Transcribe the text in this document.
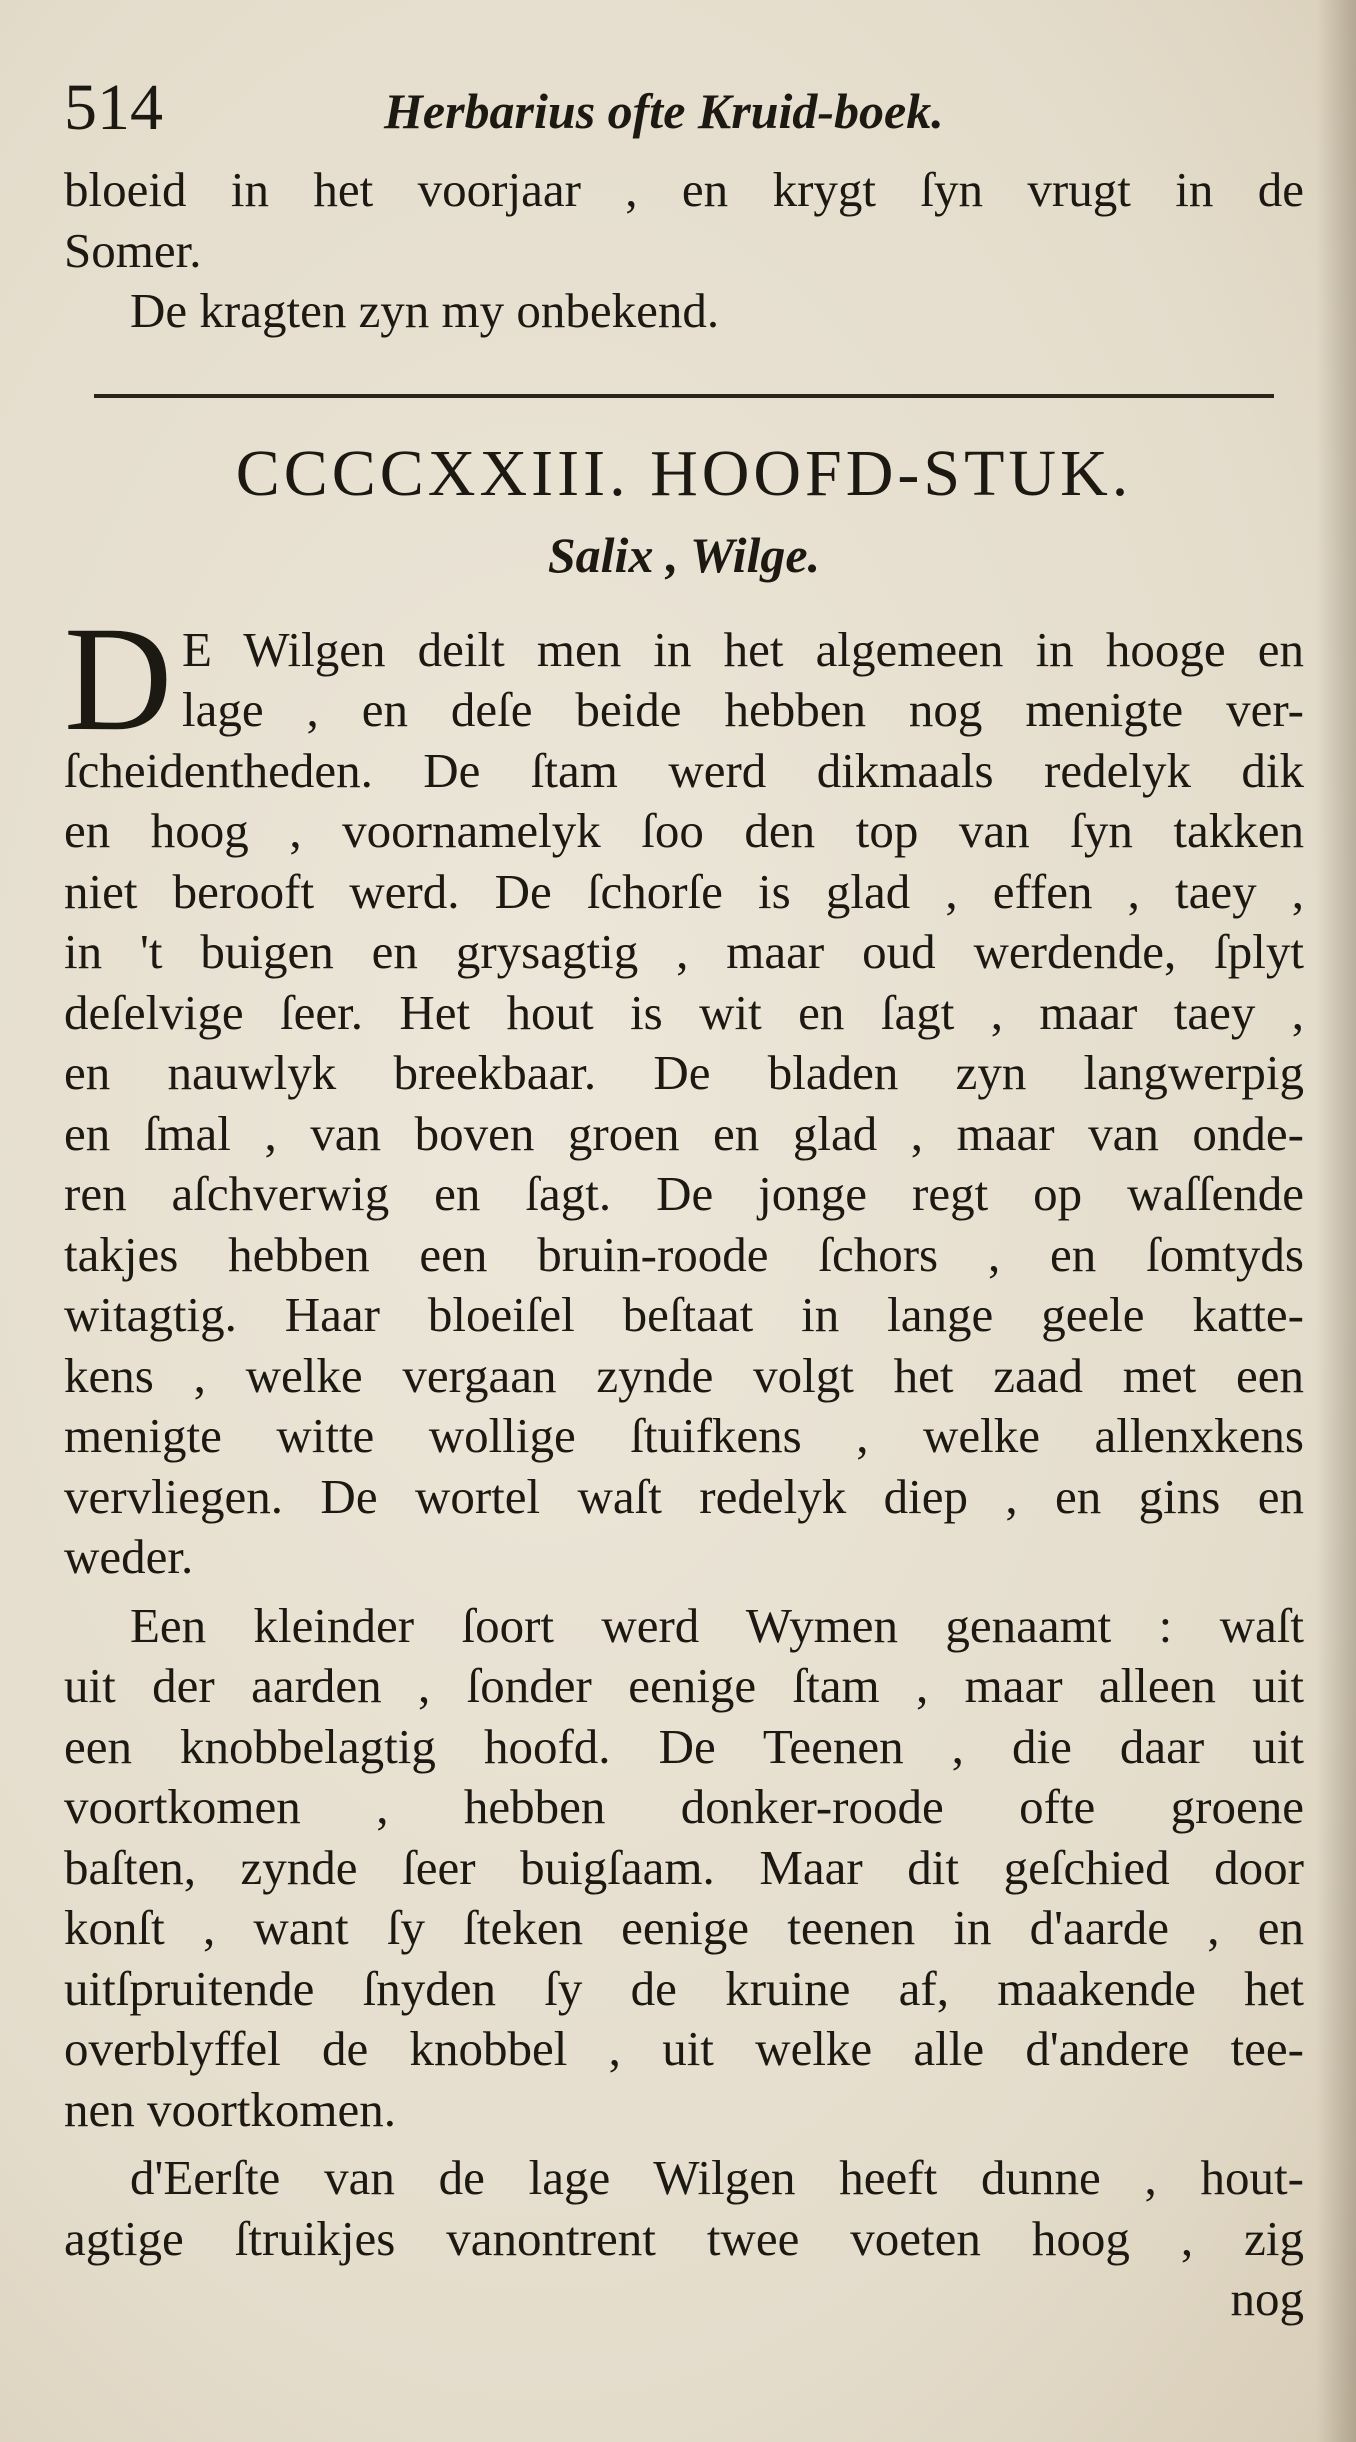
514	Herbarius ofte Kruid-boek.

bloeid in het voorjaar , en krygt ſyn vrugt in de

Somer.

De kragten zyn my onbekend.

CCCCXXIII. HOOFD-STUK.
Salix , Wilge.
D E Wilgen deilt men in het algemeen in hooge en

lage , en deſe beide hebben nog menigte ver-

ſcheidentheden. De ſtam werd dikmaals redelyk dik

en hoog , voornamelyk ſoo den top van ſyn takken

niet berooft werd. De ſchorſe is glad , effen , taey ,

in 't buigen en grysagtig , maar oud werdende, ſplyt

deſelvige ſeer. Het hout is wit en ſagt , maar taey ,

en nauwlyk breekbaar. De bladen zyn langwerpig

en ſmal , van boven groen en glad , maar van onde-

ren aſchverwig en ſagt. De jonge regt op waſſende

takjes hebben een bruin-roode ſchors , en ſomtyds

witagtig. Haar bloeiſel beſtaat in lange geele katte-

kens , welke vergaan zynde volgt het zaad met een

menigte witte wollige ſtuifkens , welke allenxkens

vervliegen. De wortel waſt redelyk diep , en gins en

weder.

Een kleinder ſoort werd Wymen genaamt : waſt

uit der aarden , ſonder eenige ſtam , maar alleen uit

een knobbelagtig hoofd. De Teenen , die daar uit

voortkomen , hebben donker-roode ofte groene

baſten, zynde ſeer buigſaam. Maar dit geſchied door

konſt , want ſy ſteken eenige teenen in d'aarde , en

uitſpruitende ſnyden ſy de kruine af, maakende het

overblyffel de knobbel , uit welke alle d'andere tee-

nen voortkomen.

d'Eerſte van de lage Wilgen heeft dunne , hout-

agtige ſtruikjes vanontrent twee voeten hoog , zig

nog
